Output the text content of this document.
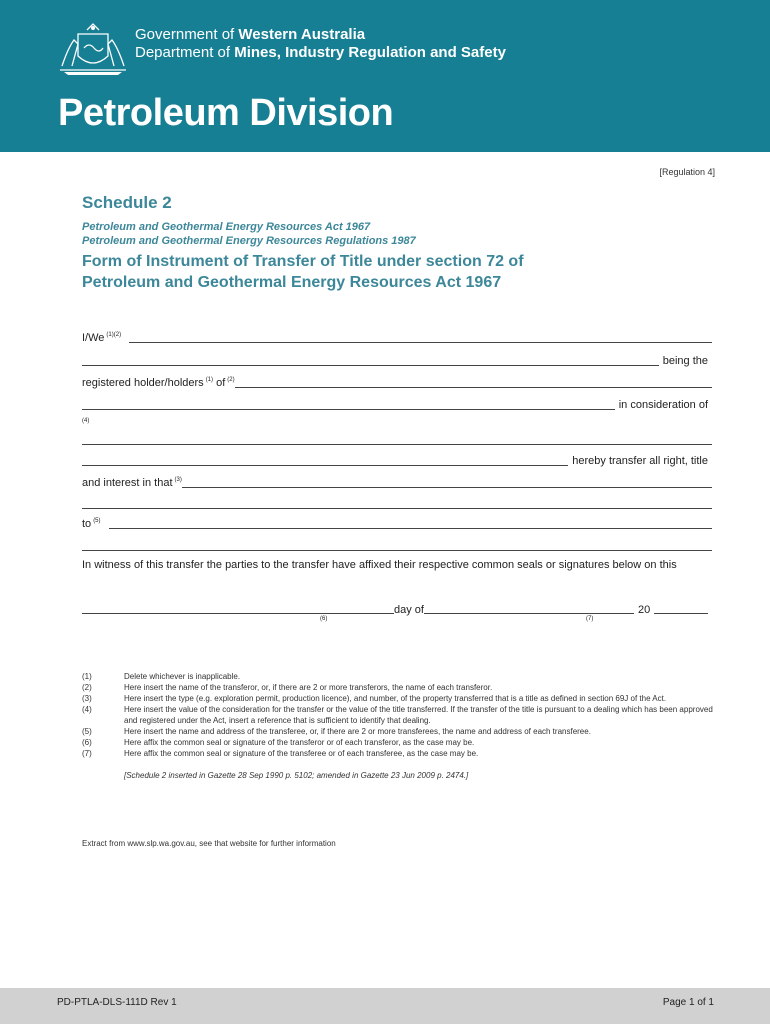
Government of Western Australia
Department of Mines, Industry Regulation and Safety
Petroleum Division
[Regulation 4]
Schedule 2
Petroleum and Geothermal Energy Resources Act 1967
Petroleum and Geothermal Energy Resources Regulations 1987
Form of Instrument of Transfer of Title under section 72 of
Petroleum and Geothermal Energy Resources Act 1967
I/We $^{(1)(2)}$
being the
registered holder/holders $^{(1)}$ of $^{(2)}$
in consideration of
(4)
hereby transfer all right, title
and interest in that $^{(3)}$
to $^{(5)}$
In witness of this transfer the parties to the transfer have affixed their respective common seals or signatures below on this
day of	20
(6)	(7)
(1)	Delete whichever is inapplicable.
(2)	Here insert the name of the transferor, or, if there are 2 or more transferors, the name of each transferor.
(3)	Here insert the type (e.g. exploration permit, production licence), and number, of the property transferred that is a title as defined in section 69J of the Act.
(4)	Here insert the value of the consideration for the transfer or the value of the title transferred. If the transfer of the title is pursuant to a dealing which has been approved and registered under the Act, insert a reference that is sufficient to identify that dealing.
(5)	Here insert the name and address of the transferee, or, if there are 2 or more transferees, the name and address of each transferee.
(6)	Here affix the common seal or signature of the transferor or of each transferor, as the case may be.
(7)	Here affix the common seal or signature of the transferee or of each transferee, as the case may be.
[Schedule 2 inserted in Gazette 28 Sep 1990 p. 5102; amended in Gazette 23 Jun 2009 p. 2474.]
Extract from www.slp.wa.gov.au, see that website for further information
PD-PTLA-DLS-111D Rev 1	Page 1 of 1
